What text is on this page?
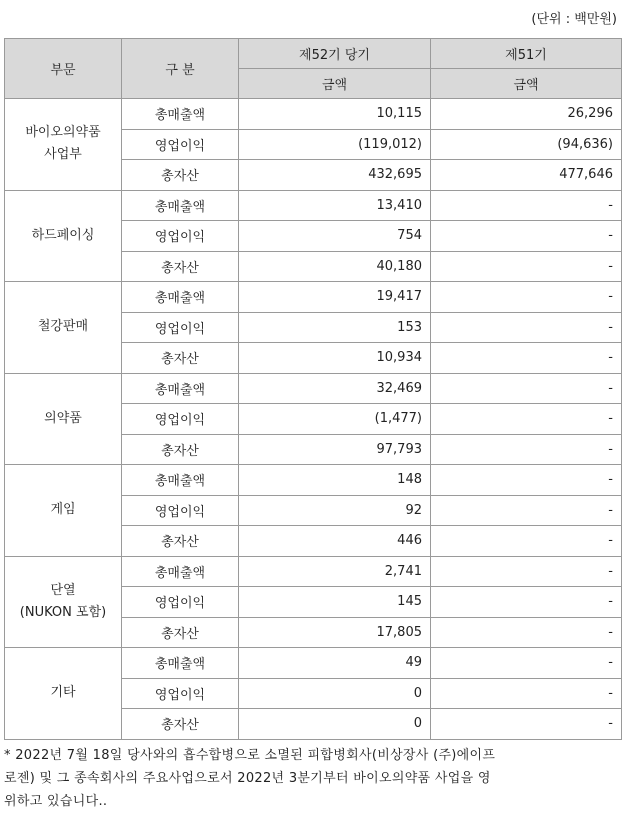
(단위 : 백만원)
부문	구 분	제52기 당기	제51기
		금액	금액

바이오의약품
사업부	총매출액	10,115	26,296
	영업이익	(119,012)	(94,636)
	총자산	432,695	477,646

하드페이싱	총매출액	13,410	-
	영업이익	754	-
	총자산	40,180	-

철강판매	총매출액	19,417	-
	영업이익	153	-
	총자산	10,934	-

의약품	총매출액	32,469	-
	영업이익	(1,477)	-
	총자산	97,793	-

게임	총매출액	148	-
	영업이익	92	-
	총자산	446	-

단열
(NUKON 포함)	총매출액	2,741	-
	영업이익	145	-
	총자산	17,805	-

기타	총매출액	49	-
	영업이익	0	-
	총자산	0	-
* 2022년 7월 18일 당사와의 흡수합병으로 소멸된 피합병회사(비상장사 (주)에이프
로젠) 및 그 종속회사의 주요사업으로서 2022년 3분기부터 바이오의약품 사업을 영
위하고 있습니다..
